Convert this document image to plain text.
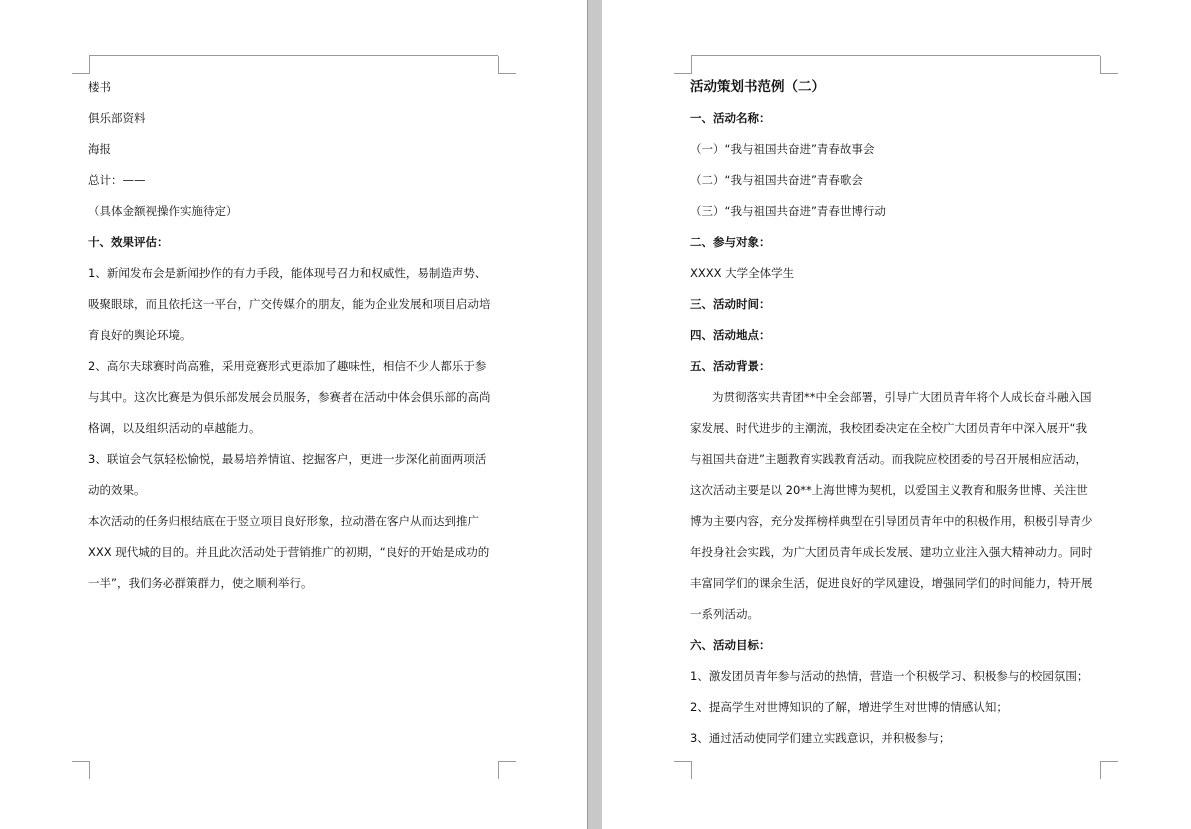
楼书

俱乐部资料

海报

总计：——

（具体金额视操作实施待定）

十、效果评估：

1、新闻发布会是新闻抄作的有力手段，能体现号召力和权威性，易制造声势、

吸聚眼球，而且依托这一平台，广交传媒介的朋友，能为企业发展和项目启动培

育良好的舆论环境。

2、高尔夫球赛时尚高雅，采用竞赛形式更添加了趣味性，相信不少人都乐于参

与其中。这次比赛是为俱乐部发展会员服务，参赛者在活动中体会俱乐部的高尚

格调，以及组织活动的卓越能力。

3、联谊会气氛轻松愉悦，最易培养情谊、挖掘客户，更进一步深化前面两项活

动的效果。

本次活动的任务归根结底在于竖立项目良好形象，拉动潜在客户从而达到推广

XXX 现代城的目的。并且此次活动处于营销推广的初期，“良好的开始是成功的

一半”，我们务必群策群力，使之顺利举行。

活动策划书范例（二）

一、活动名称：

（一）“我与祖国共奋进”青春故事会

（二）“我与祖国共奋进”青春歌会

（三）“我与祖国共奋进”青春世博行动

二、参与对象：

XXXX 大学全体学生

三、活动时间：

四、活动地点：

五、活动背景：

为贯彻落实共青团**中全会部署，引导广大团员青年将个人成长奋斗融入国

家发展、时代进步的主潮流，我校团委决定在全校广大团员青年中深入展开“我

与祖国共奋进”主题教育实践教育活动。而我院应校团委的号召开展相应活动，

这次活动主要是以 20**上海世博为契机，以爱国主义教育和服务世博、关注世

博为主要内容，充分发挥榜样典型在引导团员青年中的积极作用，积极引导青少

年投身社会实践，为广大团员青年成长发展、建功立业注入强大精神动力。同时

丰富同学们的课余生活，促进良好的学风建设，增强同学们的时间能力，特开展

一系列活动。

六、活动目标：

1、激发团员青年参与活动的热情，营造一个积极学习、积极参与的校园氛围；

2、提高学生对世博知识的了解，增进学生对世博的情感认知；

3、通过活动使同学们建立实践意识，并积极参与；
